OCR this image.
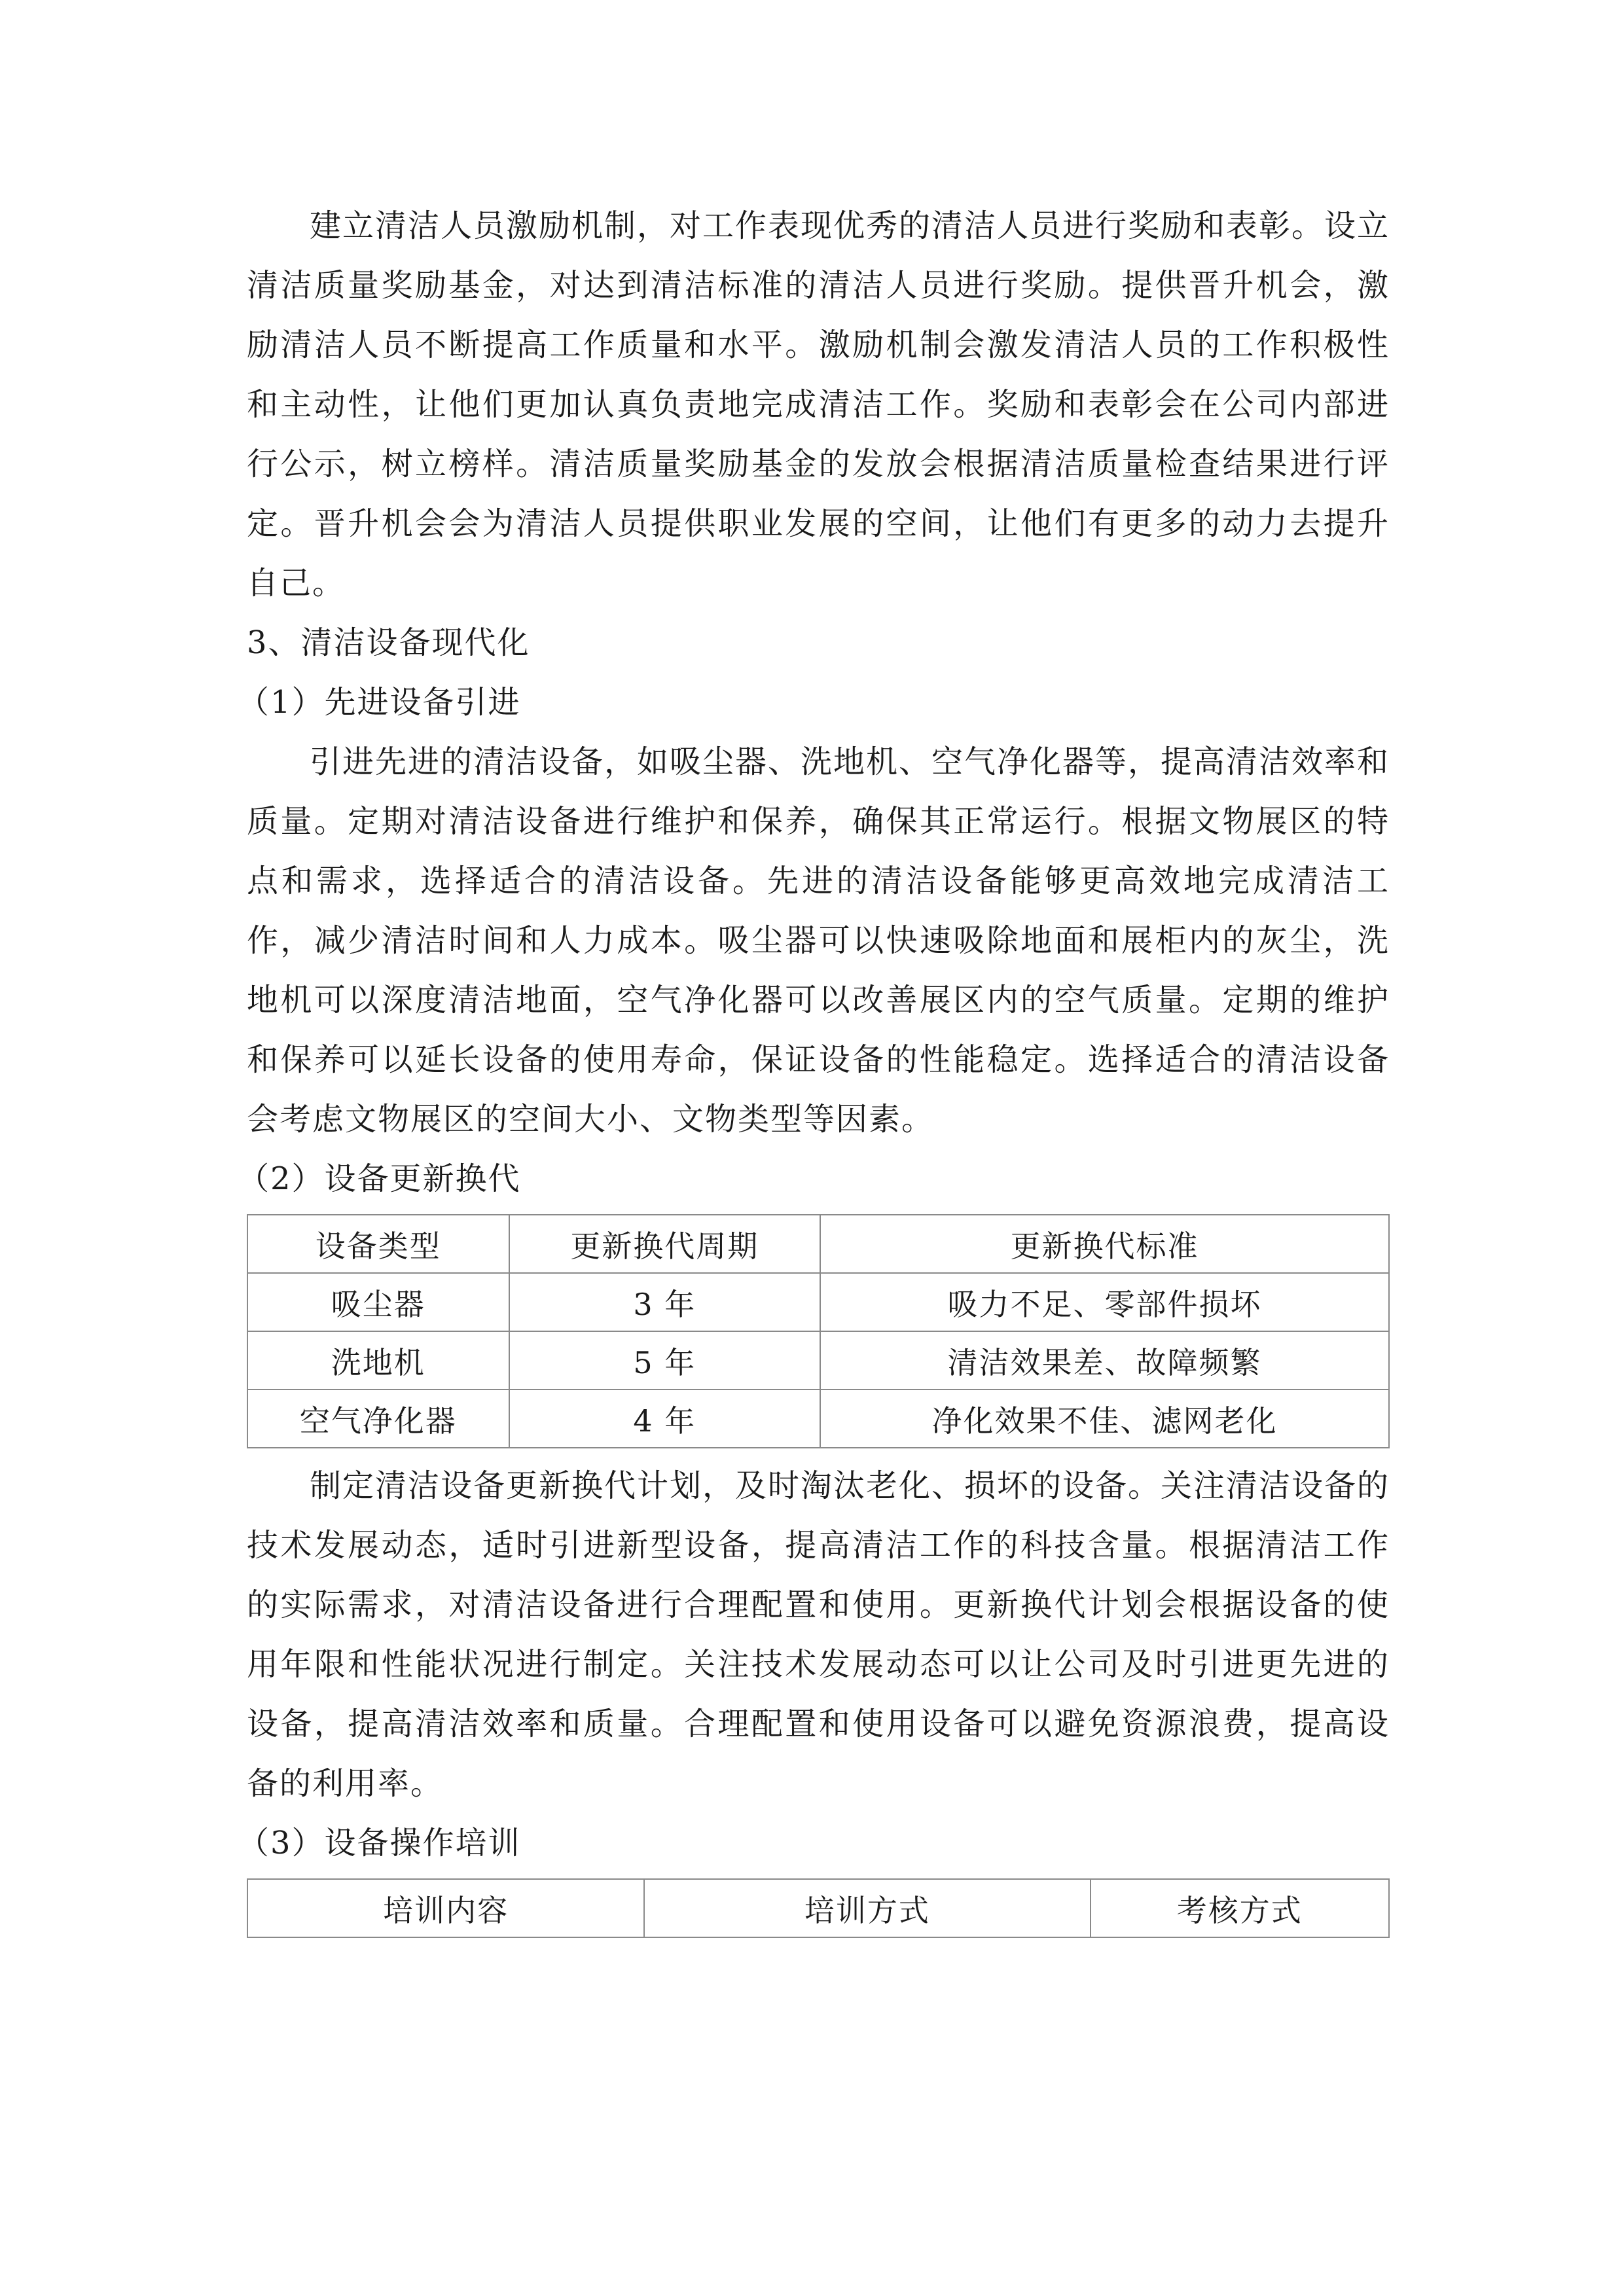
建立清洁人员激励机制，对工作表现优秀的清洁人员进行奖励和表彰。设立清洁质量奖励基金，对达到清洁标准的清洁人员进行奖励。提供晋升机会，激励清洁人员不断提高工作质量和水平。激励机制会激发清洁人员的工作积极性和主动性，让他们更加认真负责地完成清洁工作。奖励和表彰会在公司内部进行公示，树立榜样。清洁质量奖励基金的发放会根据清洁质量检查结果进行评定。晋升机会会为清洁人员提供职业发展的空间，让他们有更多的动力去提升自己。

3、清洁设备现代化

（1）先进设备引进

引进先进的清洁设备，如吸尘器、洗地机、空气净化器等，提高清洁效率和质量。定期对清洁设备进行维护和保养，确保其正常运行。根据文物展区的特点和需求，选择适合的清洁设备。先进的清洁设备能够更高效地完成清洁工作，减少清洁时间和人力成本。吸尘器可以快速吸除地面和展柜内的灰尘，洗地机可以深度清洁地面，空气净化器可以改善展区内的空气质量。定期的维护和保养可以延长设备的使用寿命，保证设备的性能稳定。选择适合的清洁设备会考虑文物展区的空间大小、文物类型等因素。

（2）设备更新换代

设备类型	更新换代周期	更新换代标准
吸尘器	3 年	吸力不足、零部件损坏
洗地机	5 年	清洁效果差、故障频繁
空气净化器	4 年	净化效果不佳、滤网老化

制定清洁设备更新换代计划，及时淘汰老化、损坏的设备。关注清洁设备的技术发展动态，适时引进新型设备，提高清洁工作的科技含量。根据清洁工作的实际需求，对清洁设备进行合理配置和使用。更新换代计划会根据设备的使用年限和性能状况进行制定。关注技术发展动态可以让公司及时引进更先进的设备，提高清洁效率和质量。合理配置和使用设备可以避免资源浪费，提高设备的利用率。

（3）设备操作培训

培训内容	培训方式	考核方式
